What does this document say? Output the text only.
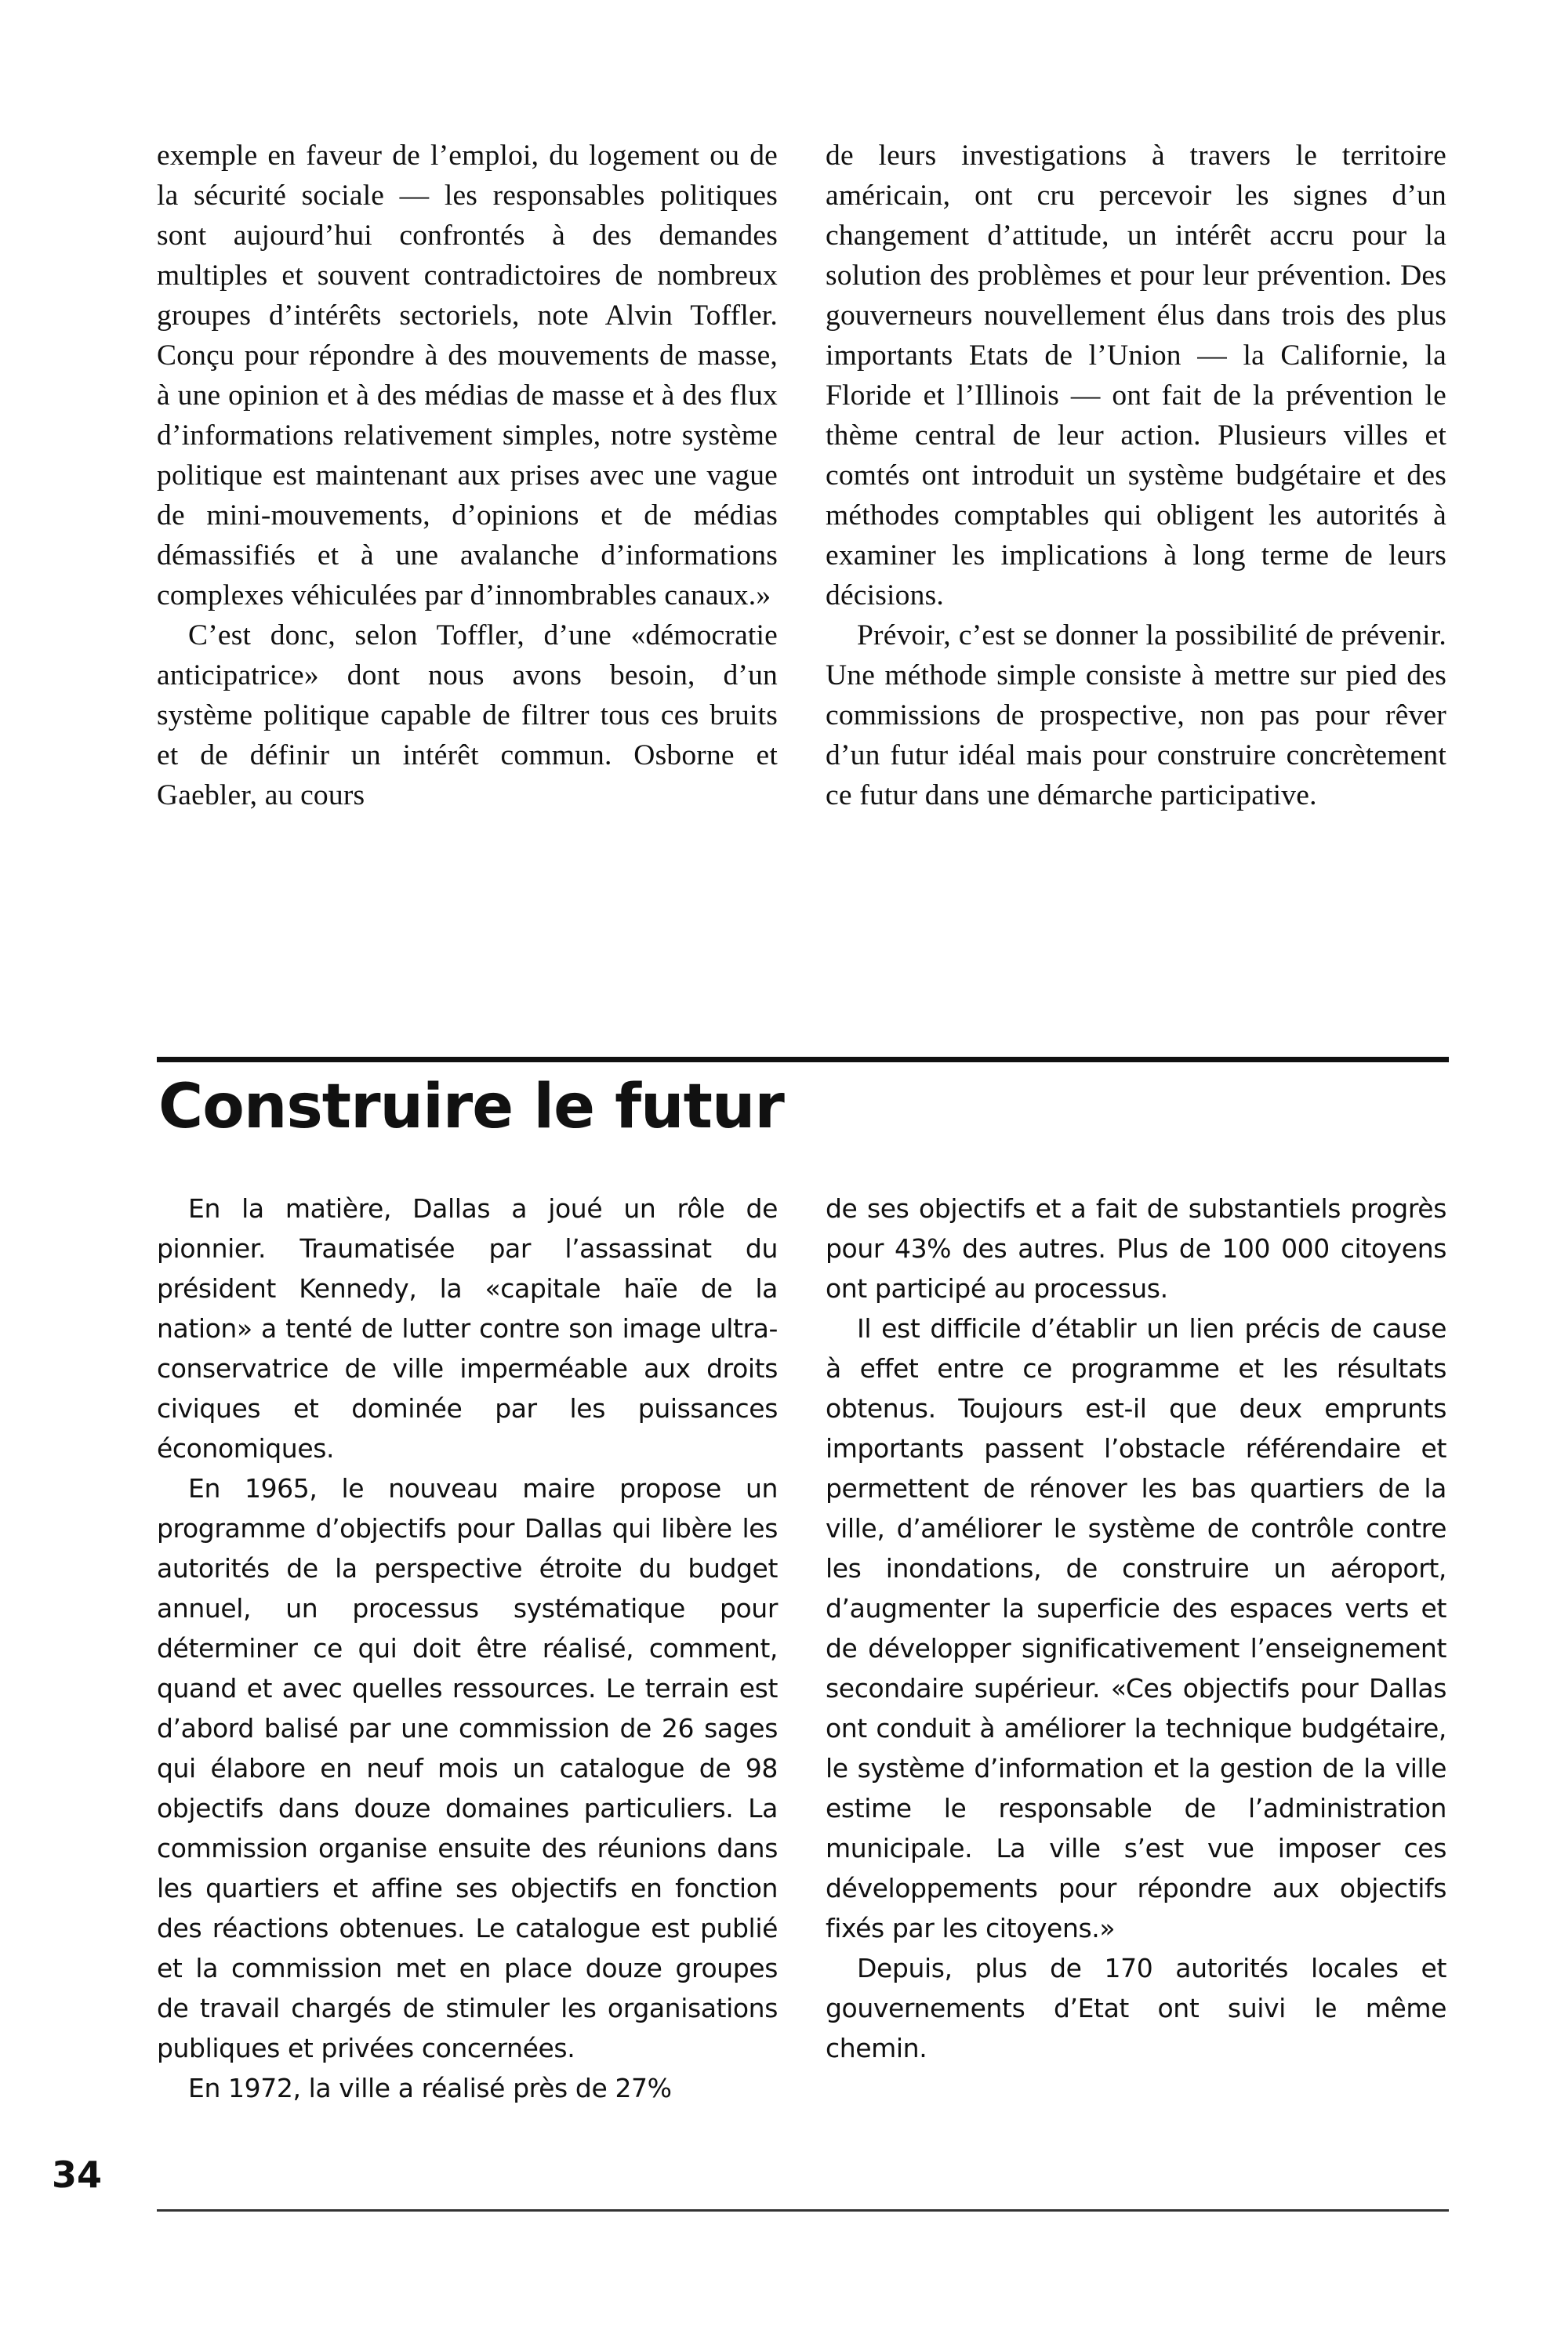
exemple en faveur de l’emploi, du logement ou de la sécurité sociale — les responsables politiques sont aujourd’hui confrontés à des demandes multiples et souvent contradictoires de nombreux groupes d’intérêts sectoriels, note Alvin Toffler. Conçu pour répondre à des mouvements de masse, à une opinion et à des médias de masse et à des flux d’informations relativement simples, notre système politique est maintenant aux prises avec une vague de mini-mouvements, d’opinions et de médias démassifiés et à une avalanche d’informations complexes véhiculées par d’innombrables canaux.»

C’est donc, selon Toffler, d’une «démocratie anticipatrice» dont nous avons besoin, d’un système politique capable de filtrer tous ces bruits et de définir un intérêt commun. Osborne et Gaebler, au cours

de leurs investigations à travers le territoire américain, ont cru percevoir les signes d’un changement d’attitude, un intérêt accru pour la solution des problèmes et pour leur prévention. Des gouverneurs nouvellement élus dans trois des plus importants Etats de l’Union — la Californie, la Floride et l’Illinois — ont fait de la prévention le thème central de leur action. Plusieurs villes et comtés ont introduit un système budgétaire et des méthodes comptables qui obligent les autorités à examiner les implications à long terme de leurs décisions.

Prévoir, c’est se donner la possibilité de prévenir. Une méthode simple consiste à mettre sur pied des commissions de prospective, non pas pour rêver d’un futur idéal mais pour construire concrètement ce futur dans une démarche participative.

Construire le futur

En la matière, Dallas a joué un rôle de pionnier. Traumatisée par l’assassinat du président Kennedy, la «capitale haïe de la nation» a tenté de lutter contre son image ultra-conservatrice de ville imperméable aux droits civiques et dominée par les puissances économiques.

En 1965, le nouveau maire propose un programme d’objectifs pour Dallas qui libère les autorités de la perspective étroite du budget annuel, un processus systématique pour déterminer ce qui doit être réalisé, comment, quand et avec quelles ressources. Le terrain est d’abord balisé par une commission de 26 sages qui élabore en neuf mois un catalogue de 98 objectifs dans douze domaines particuliers. La commission organise ensuite des réunions dans les quartiers et affine ses objectifs en fonction des réactions obtenues. Le catalogue est publié et la commission met en place douze groupes de travail chargés de stimuler les organisations publiques et privées concernées.

En 1972, la ville a réalisé près de 27%

de ses objectifs et a fait de substantiels progrès pour 43% des autres. Plus de 100 000 citoyens ont participé au processus.

Il est difficile d’établir un lien précis de cause à effet entre ce programme et les résultats obtenus. Toujours est-il que deux emprunts importants passent l’obstacle référendaire et permettent de rénover les bas quartiers de la ville, d’améliorer le système de contrôle contre les inondations, de construire un aéroport, d’augmenter la superficie des espaces verts et de développer significativement l’enseignement secondaire supérieur. «Ces objectifs pour Dallas ont conduit à améliorer la technique budgétaire, le système d’information et la gestion de la ville estime le responsable de l’administration municipale. La ville s’est vue imposer ces développements pour répondre aux objectifs fixés par les citoyens.»

Depuis, plus de 170 autorités locales et gouvernements d’Etat ont suivi le même chemin.

34
